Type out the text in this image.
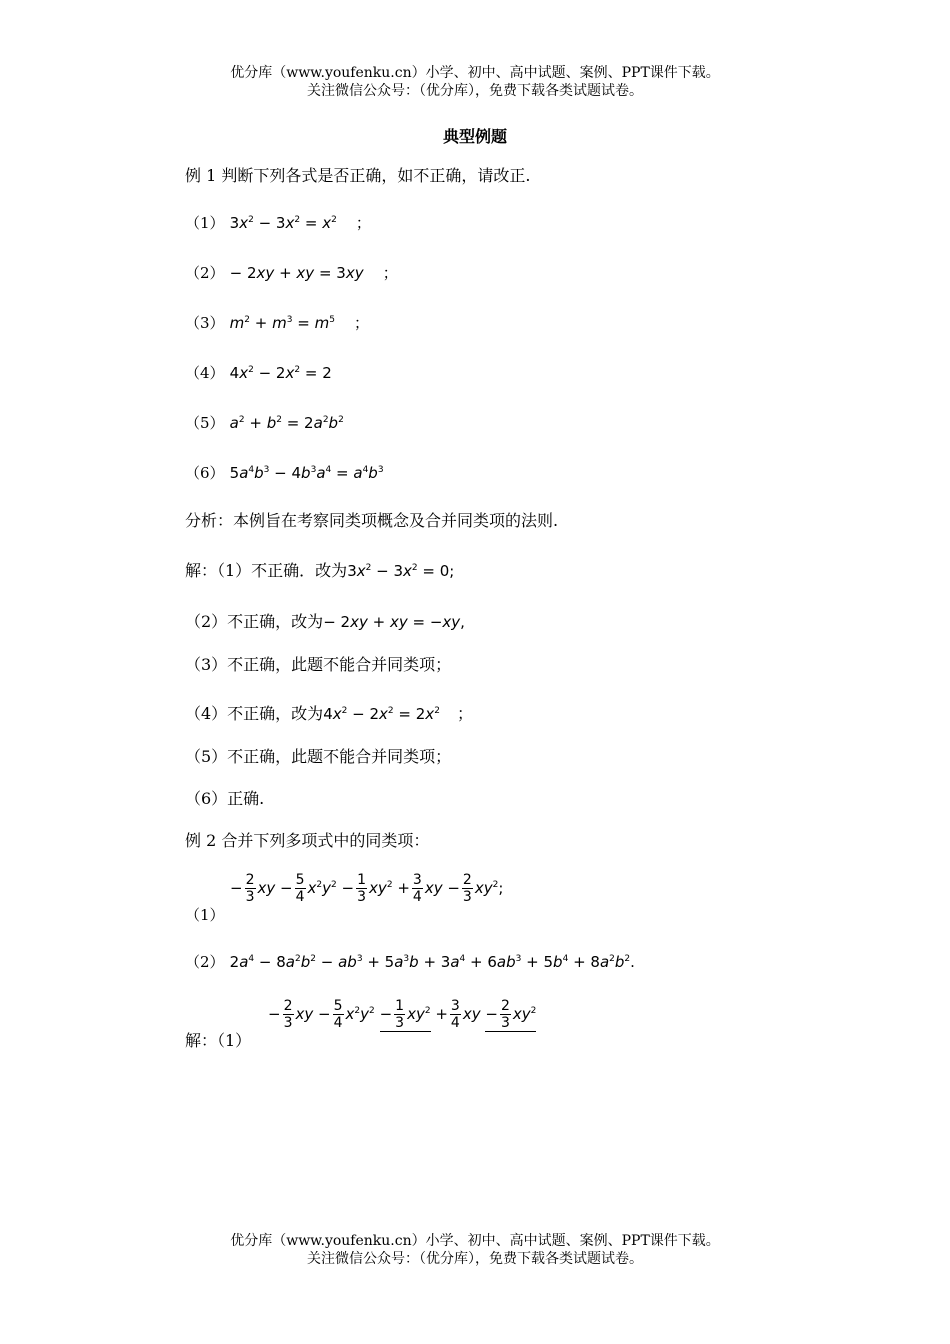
优分库（www.youfenku.cn）小学、初中、高中试题、案例、PPT课件下载。
关注微信公众号：（优分库），免费下载各类试题试卷。
典型例题
例 1 判断下列各式是否正确，如不正确，请改正.
（1） $3x^2 - 3x^2 = x^2$ ；
（2） − 2xy + xy = 3xy ；
（3） $m^2 + m^3 = m^5$ ；
（4） $4x^2 - 2x^2 = 2$
（5） $a^2 + b^2 = 2a^2b^2$
（6） $5a^4b^3 - 4b^3a^4 = a^4b^3$
分析：本例旨在考察同类项概念及合并同类项的法则.
解：（1）不正确．改为$3x^2 - 3x^2 = 0$;
（2）不正确，改为− 2xy + xy = −xy,
（3）不正确，此题不能合并同类项；
（4）不正确，改为$4x^2 - 2x^2 = 2x^2$ ；
（5）不正确，此题不能合并同类项；
（6）正确.
例 2 合并下列多项式中的同类项：
（1）
− $\frac{2}{3}$ xy − $\frac{5}{4} x^2y^2 - \frac{1}{3} xy^2 + \frac{3}{4}$ xy − $\frac{2}{3} xy^2$;
（2） $2a^4 - 8a^2b^2 - ab^3 + 5a^3b + 3a^4 + 6ab^3 + 5b^4 + 8a^2b^2$.
解：（1）
− $\frac{2}{3}$ xy − $\frac{5}{4} x^2y^2 - \frac{1}{3} xy^2 + \frac{3}{4}$ xy − $\frac{2}{3} xy^2$
优分库（www.youfenku.cn）小学、初中、高中试题、案例、PPT课件下载。
关注微信公众号：（优分库），免费下载各类试题试卷。
